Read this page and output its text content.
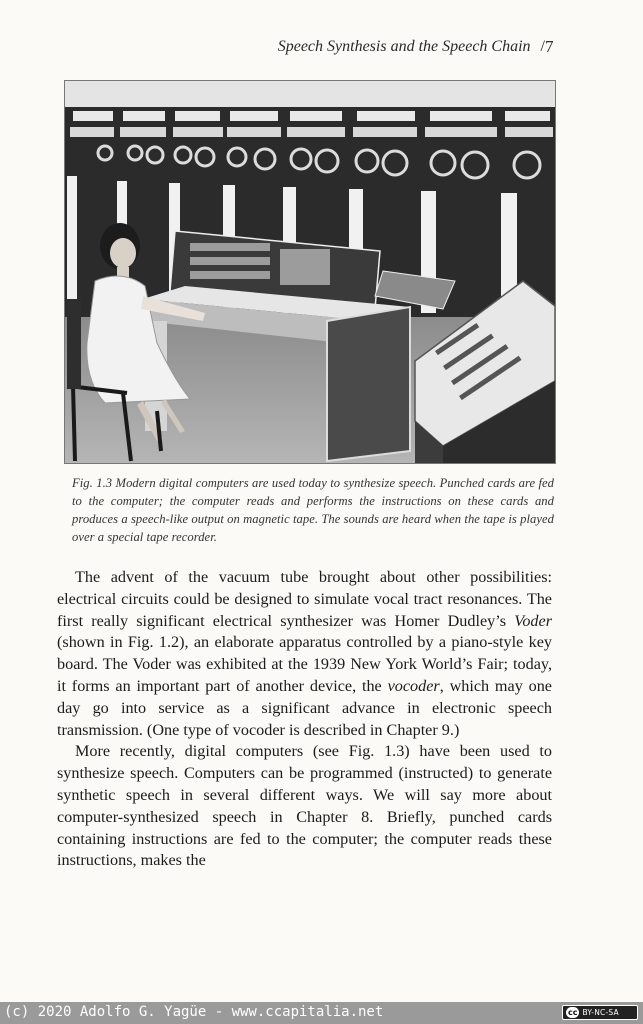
Speech Synthesis and the Speech Chain / 7
Fig. 1.3 Modern digital computers are used today to synthesize speech. Punched cards are fed to the computer; the computer reads and performs the instructions on these cards and produces a speech-like output on magnetic tape. The sounds are heard when the tape is played over a special tape recorder.

The advent of the vacuum tube brought about other possibilities: electrical circuits could be designed to simulate vocal tract resonances. The first really significant electrical synthesizer was Homer Dudley’s Voder (shown in Fig. 1.2), an elaborate apparatus controlled by a piano-style key board. The Voder was exhibited at the 1939 New York World’s Fair; today, it forms an important part of another device, the vocoder, which may one day go into service as a significant advance in electronic speech transmission. (One type of vocoder is described in Chapter 9.)

More recently, digital computers (see Fig. 1.3) have been used to synthesize speech. Computers can be programmed (instructed) to generate synthetic speech in several different ways. We will say more about computer-synthesized speech in Chapter 8. Briefly, punched cards containing instructions are fed to the computer; the computer reads these instructions, makes the

(c) 2020 Adolfo G. Yagüe - www.ccapitalia.net	cc BY-NC-SA
